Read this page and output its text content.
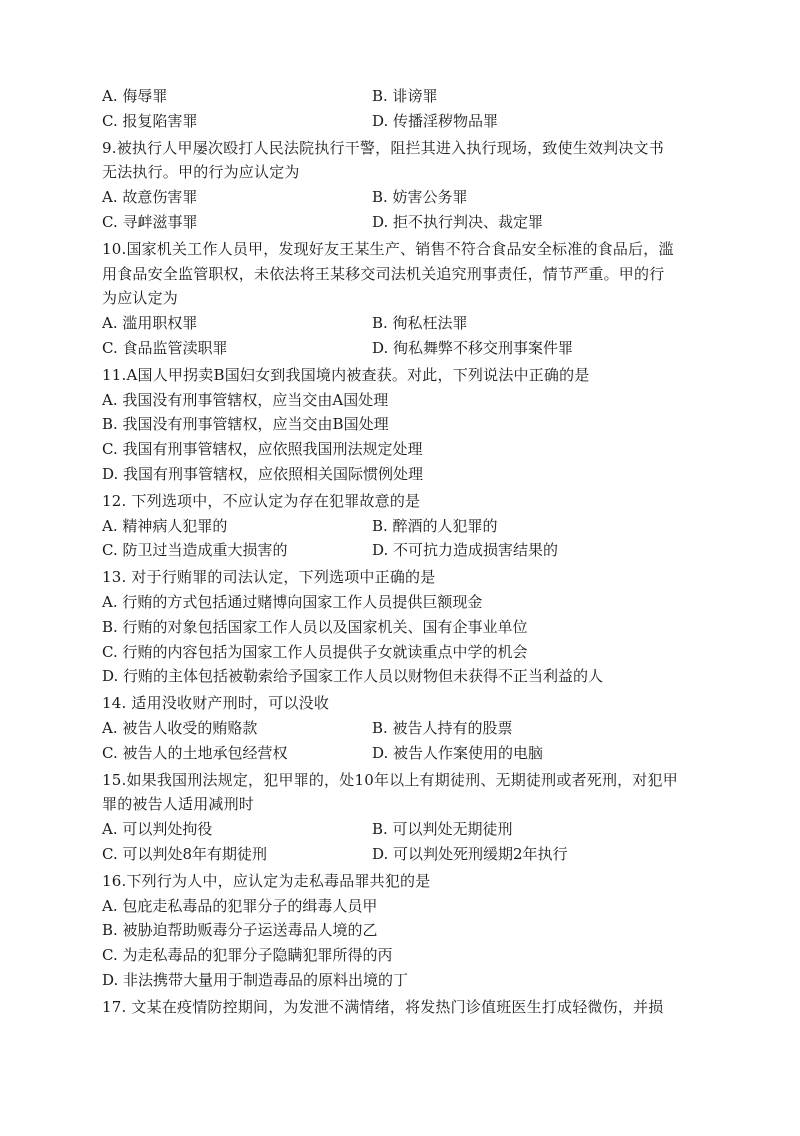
A. 侮辱罪	B. 诽谤罪
C. 报复陷害罪	D. 传播淫秽物品罪
9.被执行人甲屡次殴打人民法院执行干警，阻拦其进入执行现场，致使生效判决文书
无法执行。甲的行为应认定为
A. 故意伤害罪	B. 妨害公务罪
C. 寻衅滋事罪	D. 拒不执行判决、裁定罪
10.国家机关工作人员甲，发现好友王某生产、销售不符合食品安全标准的食品后，滥
用食品安全监管职权，未依法将王某移交司法机关追究刑事责任，情节严重。甲的行
为应认定为
A. 滥用职权罪	B. 徇私枉法罪
C. 食品监管渎职罪	D. 徇私舞弊不移交刑事案件罪
11.A国人甲拐卖B国妇女到我国境内被查获。对此，下列说法中正确的是
A. 我国没有刑事管辖权，应当交由A国处理
B. 我国没有刑事管辖权，应当交由B国处理
C. 我国有刑事管辖权，应依照我国刑法规定处理
D. 我国有刑事管辖权，应依照相关国际惯例处理
12. 下列选项中，不应认定为存在犯罪故意的是
A. 精神病人犯罪的	B. 醉酒的人犯罪的
C. 防卫过当造成重大损害的	D. 不可抗力造成损害结果的
13. 对于行贿罪的司法认定，下列选项中正确的是
A. 行贿的方式包括通过赌博向国家工作人员提供巨额现金
B. 行贿的对象包括国家工作人员以及国家机关、国有企事业单位
C. 行贿的内容包括为国家工作人员提供子女就读重点中学的机会
D. 行贿的主体包括被勒索给予国家工作人员以财物但未获得不正当利益的人
14. 适用没收财产刑时，可以没收
A. 被告人收受的贿赂款	B. 被告人持有的股票
C. 被告人的土地承包经营权	D. 被告人作案使用的电脑
15.如果我国刑法规定，犯甲罪的，处10年以上有期徒刑、无期徒刑或者死刑，对犯甲
罪的被告人适用减刑时
A. 可以判处拘役	B. 可以判处无期徒刑
C. 可以判处8年有期徒刑	D. 可以判处死刑缓期2年执行
16.下列行为人中，应认定为走私毒品罪共犯的是
A. 包庇走私毒品的犯罪分子的缉毒人员甲
B. 被胁迫帮助贩毒分子运送毒品人境的乙
C. 为走私毒品的犯罪分子隐瞒犯罪所得的丙
D. 非法携带大量用于制造毒品的原料出境的丁
17. 文某在疫情防控期间，为发泄不满情绪，将发热门诊值班医生打成轻微伤，并损
